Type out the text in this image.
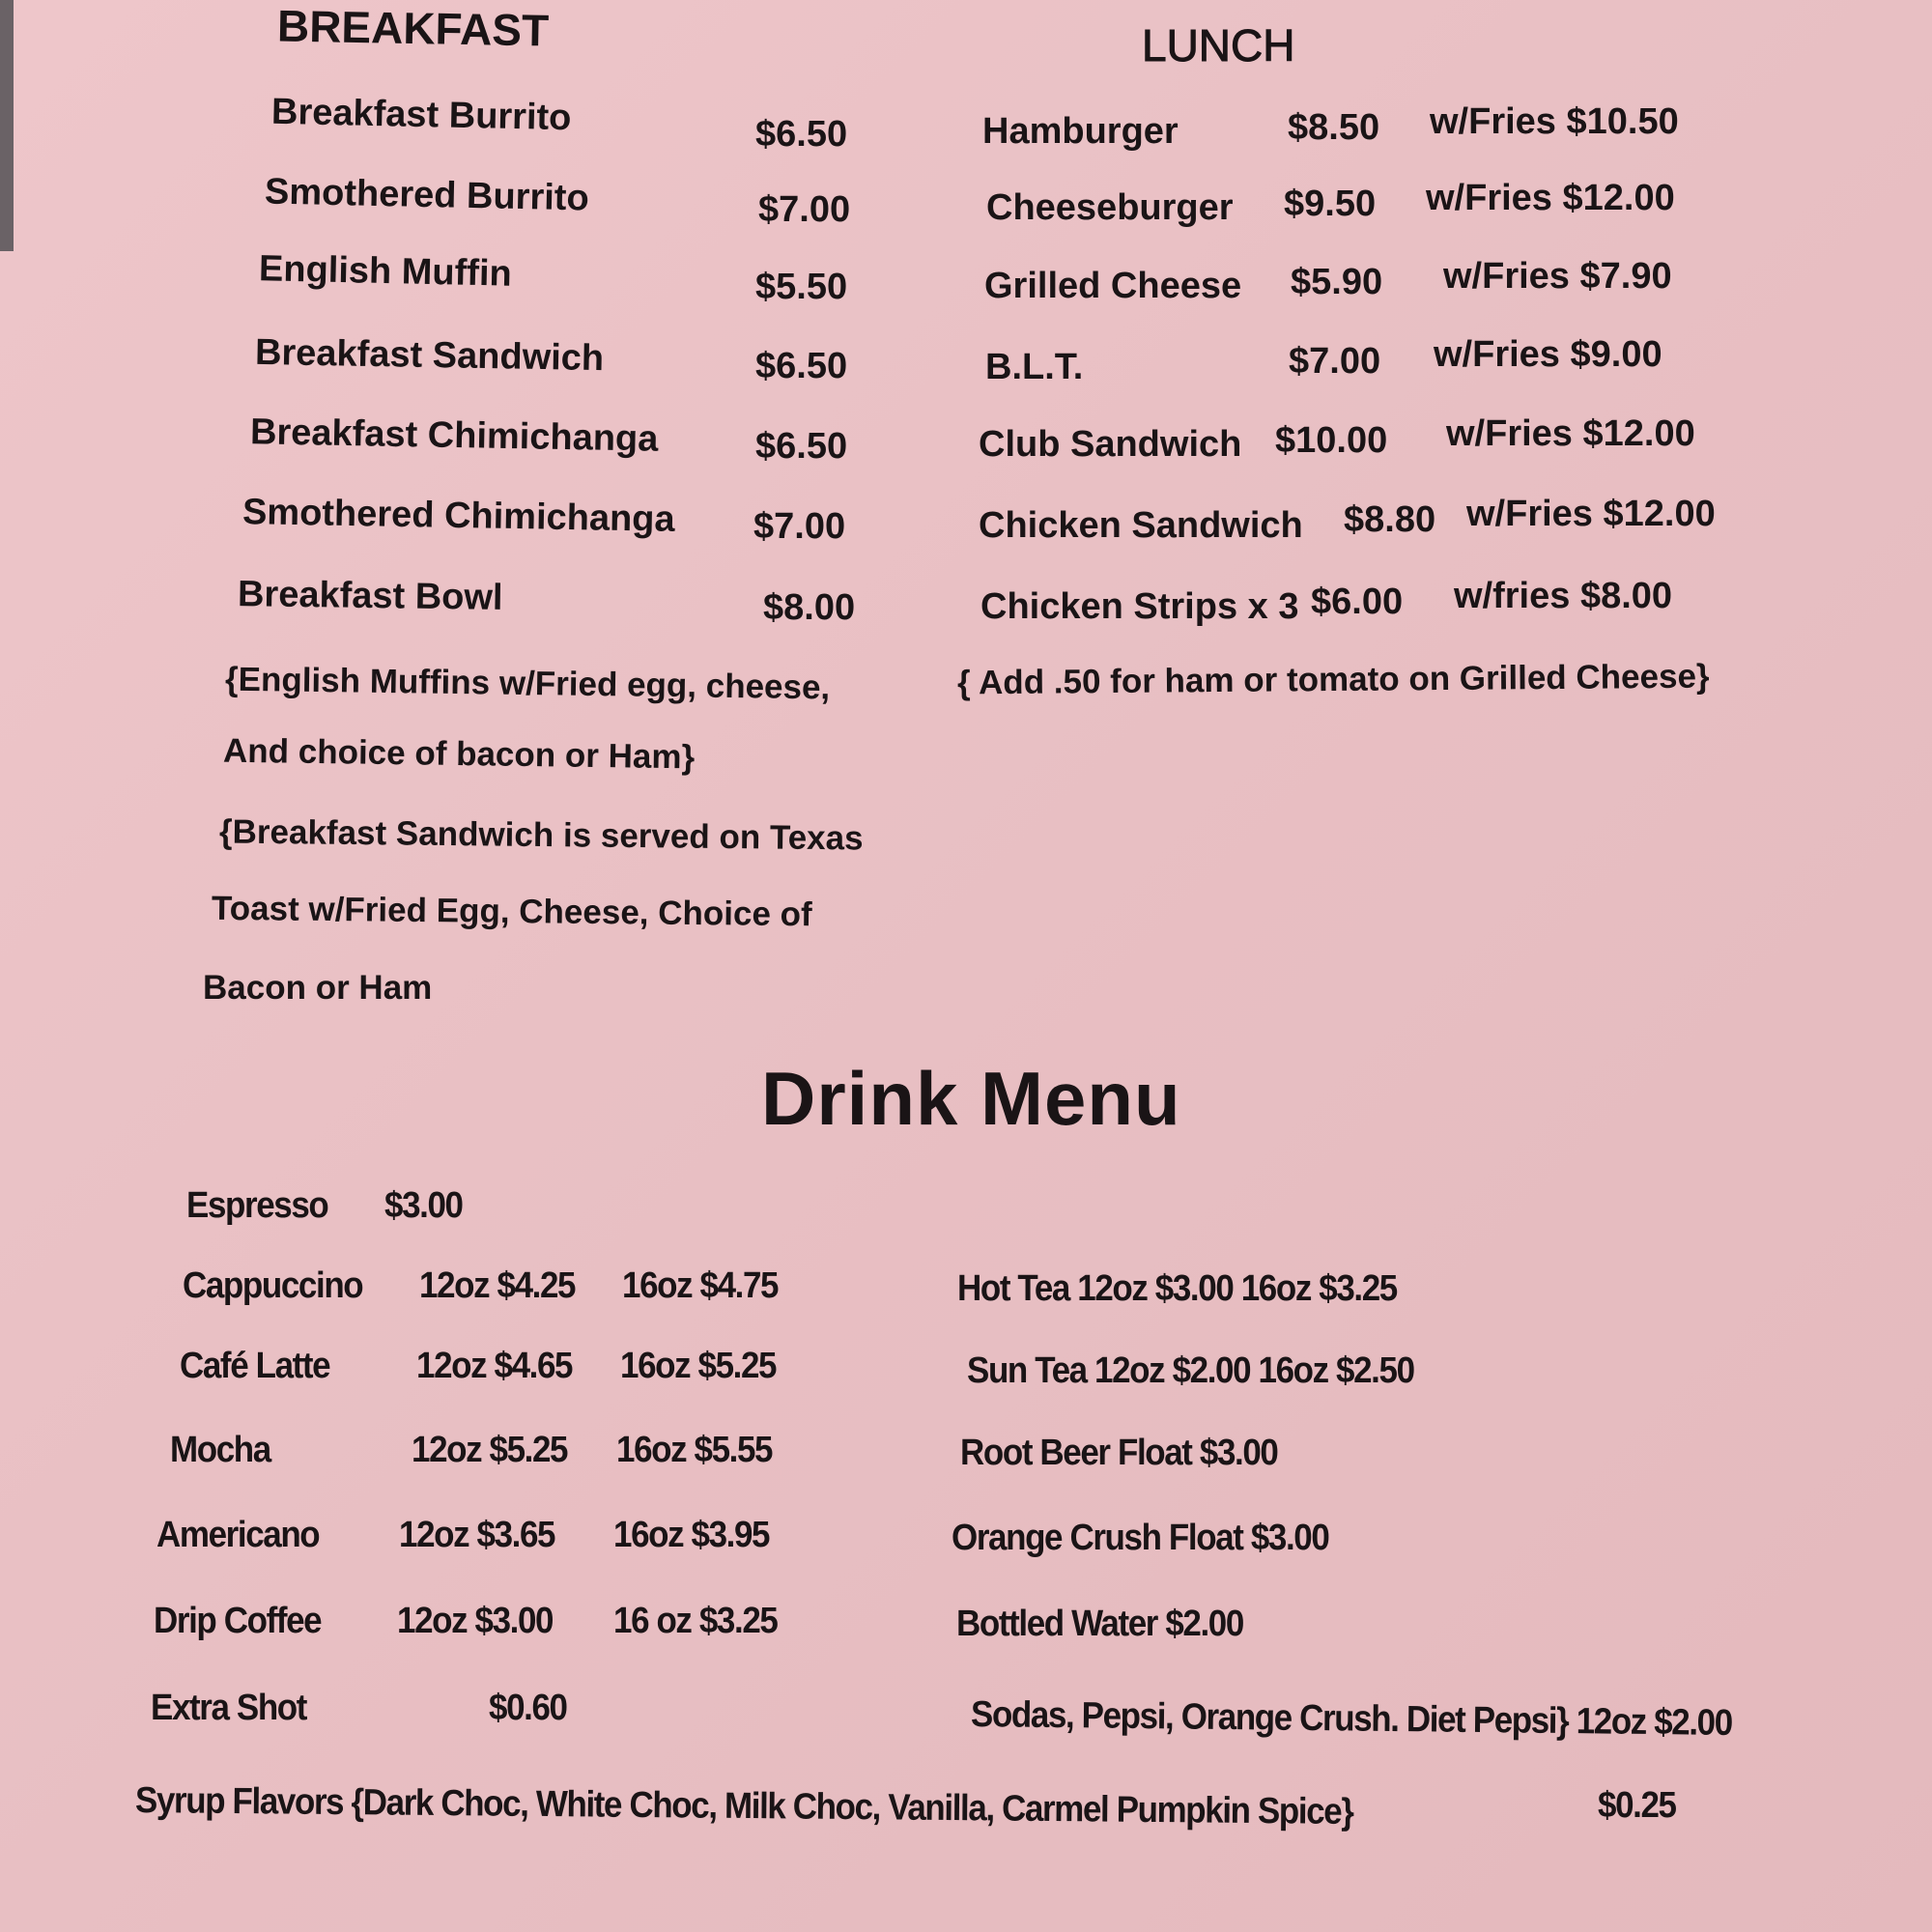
BREAKFAST
Breakfast Burrito	$6.50
Smothered Burrito	$7.00
English Muffin	$5.50
Breakfast Sandwich	$6.50
Breakfast Chimichanga	$6.50
Smothered Chimichanga $7.00
Breakfast Bowl	$8.00
{English Muffins w/Fried egg, cheese,
And choice of bacon or Ham}
{Breakfast Sandwich is served on Texas
Toast w/Fried Egg, Cheese, Choice of
Bacon or Ham
LUNCH
Hamburger	$8.50 w/Fries $10.50
Cheeseburger $9.50 w/Fries $12.00
Grilled Cheese $5.90 w/Fries $7.90
B.L.T.	$7.00 w/Fries $9.00
Club Sandwich $10.00 w/Fries $12.00
Chicken Sandwich $8.80 w/Fries $12.00
Chicken Strips x 3 $6.00 w/fries $8.00
{ Add .50 for ham or tomato on Grilled Cheese}
Drink Menu
Espresso $3.00
Cappuccino 12oz $4.25 16oz $4.75
Café Latte 12oz $4.65 16oz $5.25
Mocha	12oz $5.25 16oz $5.55
Americano 12oz $3.65 16oz $3.95
Drip Coffee 12oz $3.00 16 oz $3.25
Extra Shot	$0.60
Hot Tea 12oz $3.00 16oz $3.25
Sun Tea 12oz $2.00 16oz $2.50
Root Beer Float $3.00
Orange Crush Float $3.00
Bottled Water $2.00
Sodas, Pepsi, Orange Crush. Diet Pepsi} 12oz $2.00
Syrup Flavors {Dark Choc, White Choc, Milk Choc, Vanilla, Carmel Pumpkin Spice}	$0.25
